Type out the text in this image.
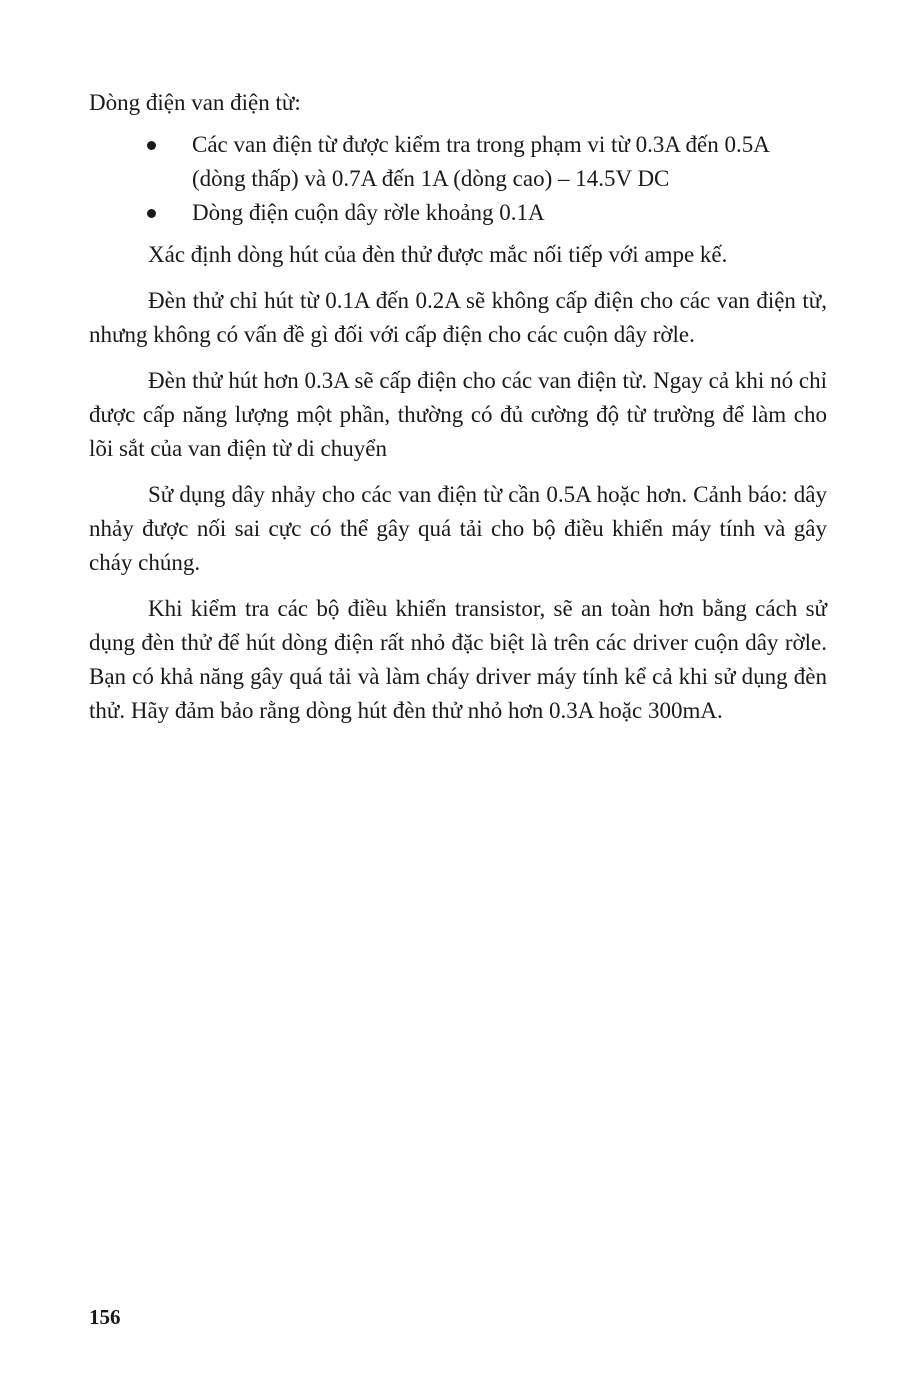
Dòng điện van điện từ:

Các van điện từ được kiểm tra trong phạm vi từ 0.3A đến 0.5A (dòng thấp) và 0.7A đến 1A (dòng cao) – 14.5V DC
Dòng điện cuộn dây rờle khoảng 0.1A

Xác định dòng hút của đèn thử được mắc nối tiếp với ampe kế.

Đèn thử chỉ hút từ 0.1A đến 0.2A sẽ không cấp điện cho các van điện từ, nhưng không có vấn đề gì đối với cấp điện cho các cuộn dây rờle.

Đèn thử hút hơn 0.3A sẽ cấp điện cho các van điện từ. Ngay cả khi nó chỉ được cấp năng lượng một phần, thường có đủ cường độ từ trường để làm cho lõi sắt của van điện từ di chuyển

Sử dụng dây nhảy cho các van điện từ cần 0.5A hoặc hơn. Cảnh báo: dây nhảy được nối sai cực có thể gây quá tải cho bộ điều khiển máy tính và gây cháy chúng.

Khi kiểm tra các bộ điều khiển transistor, sẽ an toàn hơn bằng cách sử dụng đèn thử để hút dòng điện rất nhỏ đặc biệt là trên các driver cuộn dây rờle. Bạn có khả năng gây quá tải và làm cháy driver máy tính kể cả khi sử dụng đèn thử. Hãy đảm bảo rằng dòng hút đèn thử nhỏ hơn 0.3A hoặc 300mA.

156
